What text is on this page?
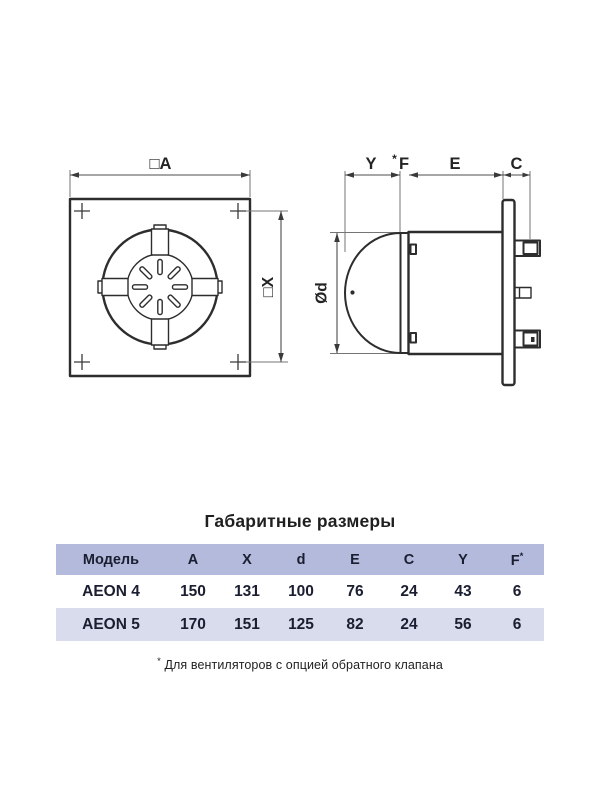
□A
□X
Y * F E	C
Ød
Габаритные размеры
Модель	A	X	d	E	C	Y	F*
AEON 4	150	131	100	76	24	43	6
AEON 5	170	151	125	82	24	56	6
* Для вентиляторов с опцией обратного клапана
